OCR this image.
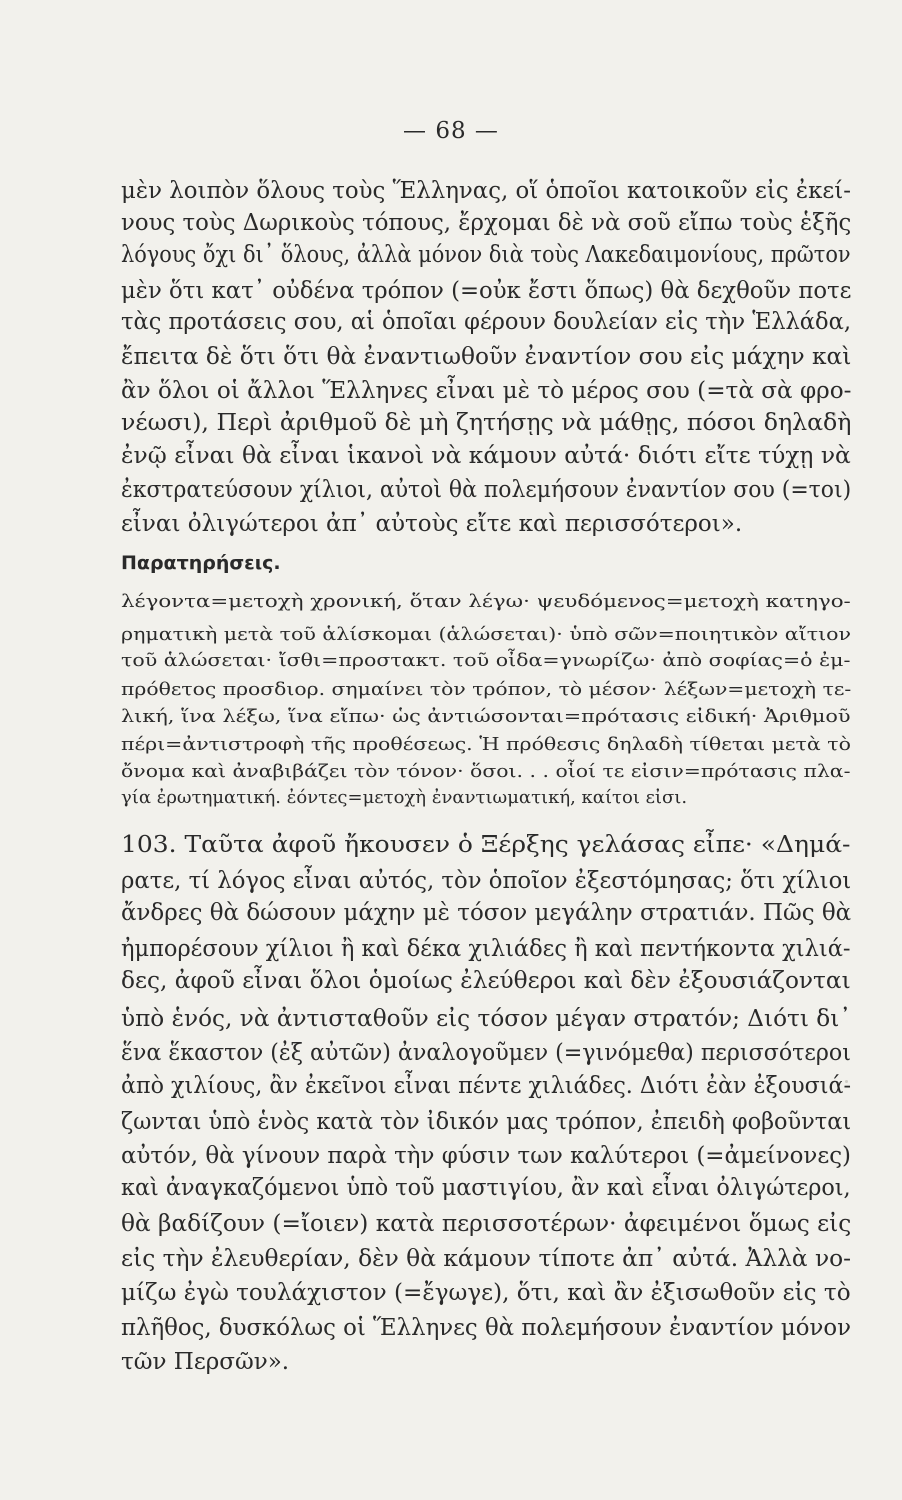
— 68 —
Παρατηρήσεις.
μὲν λοιπὸν ὅλους τοὺς Ἕλληνας, οἵ ὁποῖοι κατοικοῦν εἰς ἐκεί-
νους τοὺς Δωρικοὺς τόπους, ἔρχομαι δὲ νὰ σοῦ εἴπω τοὺς ἑξῆς
λόγους ὄχι δι᾽ ὅλους, ἀλλὰ μόνον διὰ τοὺς Λακεδαιμονίους, πρῶτον
μὲν ὅτι κατ᾽ οὐδένα τρόπον (=οὐκ ἔστι ὅπως) θὰ δεχθοῦν ποτε
τὰς προτάσεις σου, αἱ ὁποῖαι φέρουν δουλείαν εἰς τὴν Ἑλλάδα,
ἔπειτα δὲ ὅτι ὅτι θὰ ἐναντιωθοῦν ἐναντίον σου εἰς μάχην καὶ
ἂν ὅλοι οἱ ἄλλοι Ἕλληνες εἶναι μὲ τὸ μέρος σου (=τὰ σὰ φρο-
νέωσι), Περὶ ἀριθμοῦ δὲ μὴ ζητήσῃς νὰ μάθῃς, πόσοι δηλαδὴ
ἐνῷ εἶναι θὰ εἶναι ἱκανοὶ νὰ κάμουν αὐτά· διότι εἴτε τύχῃ νὰ
ἐκστρατεύσουν χίλιοι, αὐτοὶ θὰ πολεμήσουν ἐναντίον σου (=τοι)
εἶναι ὀλιγώτεροι ἀπ᾽ αὐτοὺς εἴτε καὶ περισσότεροι».
λέγοντα=μετοχὴ χρονική, ὅταν λέγω· ψευδόμενος=μετοχὴ κατηγο-
ρηματικὴ μετὰ τοῦ ἁλίσκομαι (ἁλώσεται)· ὑπὸ σῶν=ποιητικὸν αἴτιον
τοῦ ἁλώσεται· ἴσθι=προστακτ. τοῦ οἶδα=γνωρίζω· ἀπὸ σοφίας=ὁ ἐμ-
πρόθετος προσδιορ. σημαίνει τὸν τρόπον, τὸ μέσον· λέξων=μετοχὴ τε-
λική, ἵνα λέξω, ἵνα εἴπω· ὡς ἀντιώσονται=πρότασις εἰδική· Ἀριθμοῦ
πέρι=ἀντιστροφὴ τῆς προθέσεως. Ἡ πρόθεσις δηλαδὴ τίθεται μετὰ τὸ
ὄνομα καὶ ἀναβιβάζει τὸν τόνον· ὅσοι. . . οἷοί τε εἰσιν=πρότασις πλα-
γία ἐρωτηματική. ἐόντες=μετοχὴ ἐναντιωματική, καίτοι εἰσι.
103. Ταῦτα ἀφοῦ ἤκουσεν ὁ Ξέρξης γελάσας εἶπε· «Δημά-
ρατε, τί λόγος εἶναι αὐτός, τὸν ὁποῖον ἐξεστόμησας; ὅτι χίλιοι
ἄνδρες θὰ δώσουν μάχην μὲ τόσον μεγάλην στρατιάν. Πῶς θὰ
ἠμπορέσουν χίλιοι ἢ καὶ δέκα χιλιάδες ἢ καὶ πεντήκοντα χιλιά-
δες, ἀφοῦ εἶναι ὅλοι ὁμοίως ἐλεύθεροι καὶ δὲν ἐξουσιάζονται
ὑπὸ ἑνός, νὰ ἀντισταθοῦν εἰς τόσον μέγαν στρατόν; Διότι δι᾽
ἕνα ἕκαστον (ἐξ αὐτῶν) ἀναλογοῦμεν (=γινόμεθα) περισσότεροι
ἀπὸ χιλίους, ἂν ἐκεῖνοι εἶναι πέντε χιλιάδες. Διότι ἐὰν ἐξουσιά-
ζωνται ὑπὸ ἑνὸς κατὰ τὸν ἰδικόν μας τρόπον, ἐπειδὴ φοβοῦνται
αὐτόν, θὰ γίνουν παρὰ τὴν φύσιν των καλύτεροι (=ἀμείνονες)
καὶ ἀναγκαζόμενοι ὑπὸ τοῦ μαστιγίου, ἂν καὶ εἶναι ὀλιγώτεροι,
θὰ βαδίζουν (=ἴοιεν) κατὰ περισσοτέρων· ἀφειμένοι ὅμως εἰς
εἰς τὴν ἐλευθερίαν, δὲν θὰ κάμουν τίποτε ἀπ᾽ αὐτά. Ἀλλὰ νο-
μίζω ἐγὼ τουλάχιστον (=ἔγωγε), ὅτι, καὶ ἂν ἐξισωθοῦν εἰς τὸ
πλῆθος, δυσκόλως οἱ Ἕλληνες θὰ πολεμήσουν ἐναντίον μόνον
τῶν Περσῶν».
